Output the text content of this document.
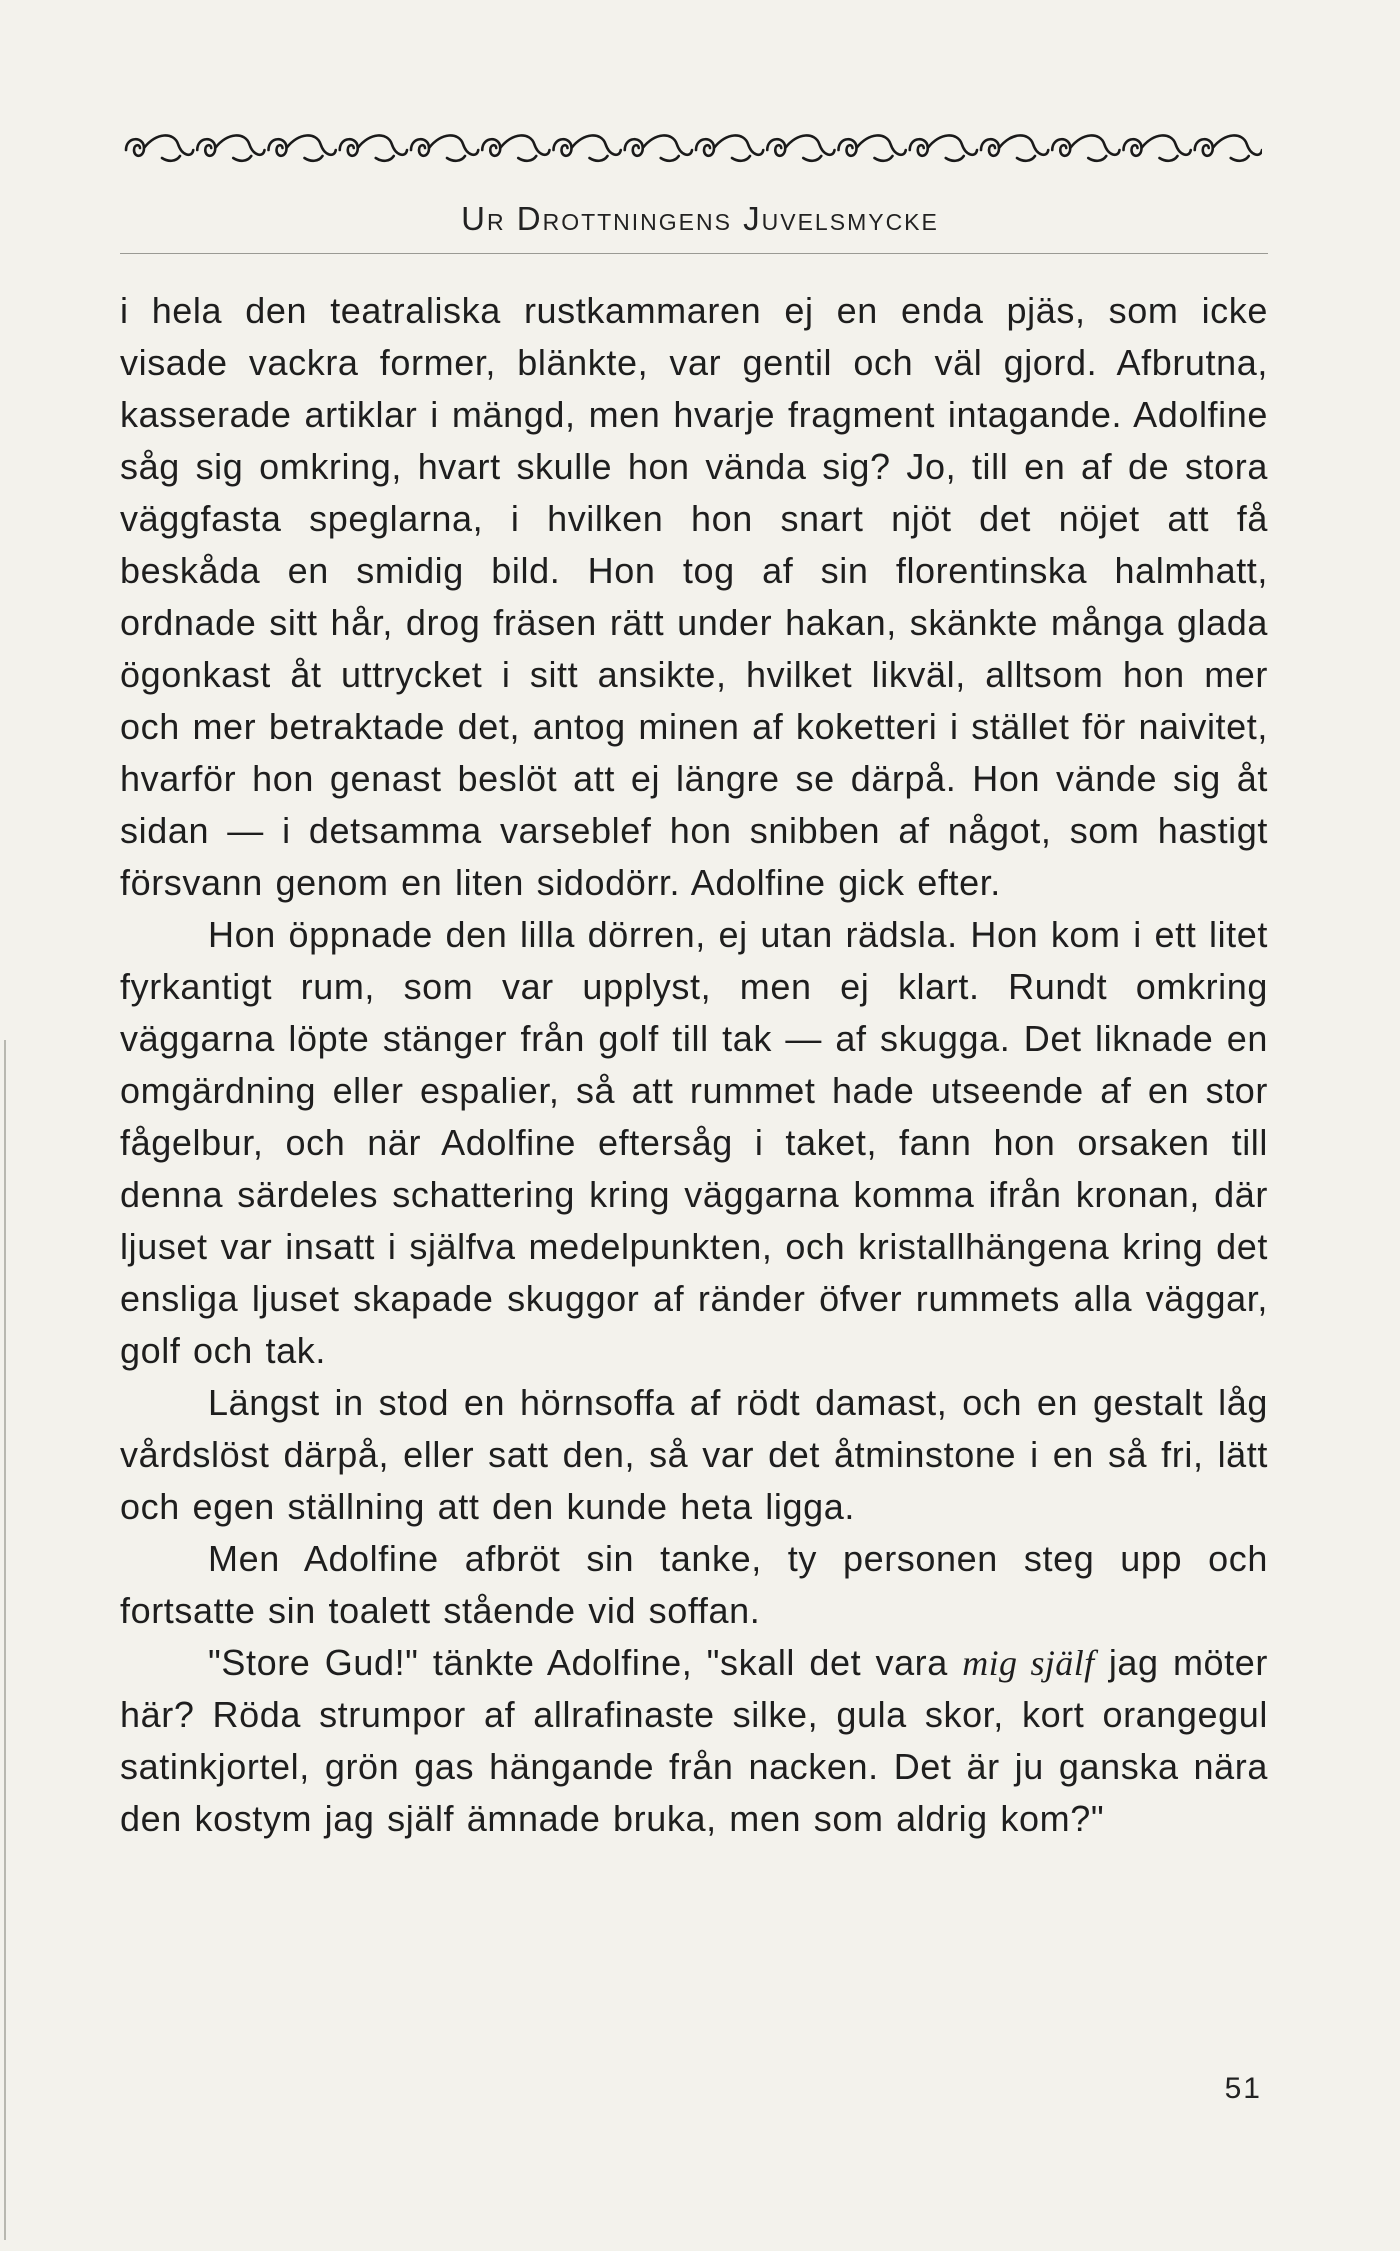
Ur Drottningens Juvelsmycke

i hela den teatraliska rustkammaren ej en enda pjäs, som icke visade vackra former, blänkte, var gentil och väl gjord. Afbrutna, kasserade artiklar i mängd, men hvarje fragment intagande. Adolfine såg sig omkring, hvart skulle hon vända sig? Jo, till en af de stora väggfasta speglarna, i hvilken hon snart njöt det nöjet att få beskåda en smidig bild. Hon tog af sin florentinska halmhatt, ordnade sitt hår, drog fräsen rätt under hakan, skänkte många glada ögonkast åt uttrycket i sitt ansikte, hvilket likväl, alltsom hon mer och mer betraktade det, antog minen af koketteri i stället för naivitet, hvarför hon genast beslöt att ej längre se därpå. Hon vände sig åt sidan — i detsamma varseblef hon snibben af något, som hastigt försvann genom en liten sidodörr. Adolfine gick efter.

Hon öppnade den lilla dörren, ej utan rädsla. Hon kom i ett litet fyrkantigt rum, som var upplyst, men ej klart. Rundt omkring väggarna löpte stänger från golf till tak — af skugga. Det liknade en omgärdning eller espalier, så att rummet hade utseende af en stor fågelbur, och när Adolfine eftersåg i taket, fann hon orsaken till denna särdeles schattering kring väggarna komma ifrån kronan, där ljuset var insatt i själfva medelpunkten, och kristallhängena kring det ensliga ljuset skapade skuggor af ränder öfver rummets alla väggar, golf och tak.

Längst in stod en hörnsoffa af rödt damast, och en gestalt låg vårdslöst därpå, eller satt den, så var det åtminstone i en så fri, lätt och egen ställning att den kunde heta ligga.

Men Adolfine afbröt sin tanke, ty personen steg upp och fortsatte sin toalett stående vid soffan.

"Store Gud!" tänkte Adolfine, "skall det vara mig själf jag möter här? Röda strumpor af allrafinaste silke, gula skor, kort orangegul satinkjortel, grön gas hängande från nacken. Det är ju ganska nära den kostym jag själf ämnade bruka, men som aldrig kom?"

51
